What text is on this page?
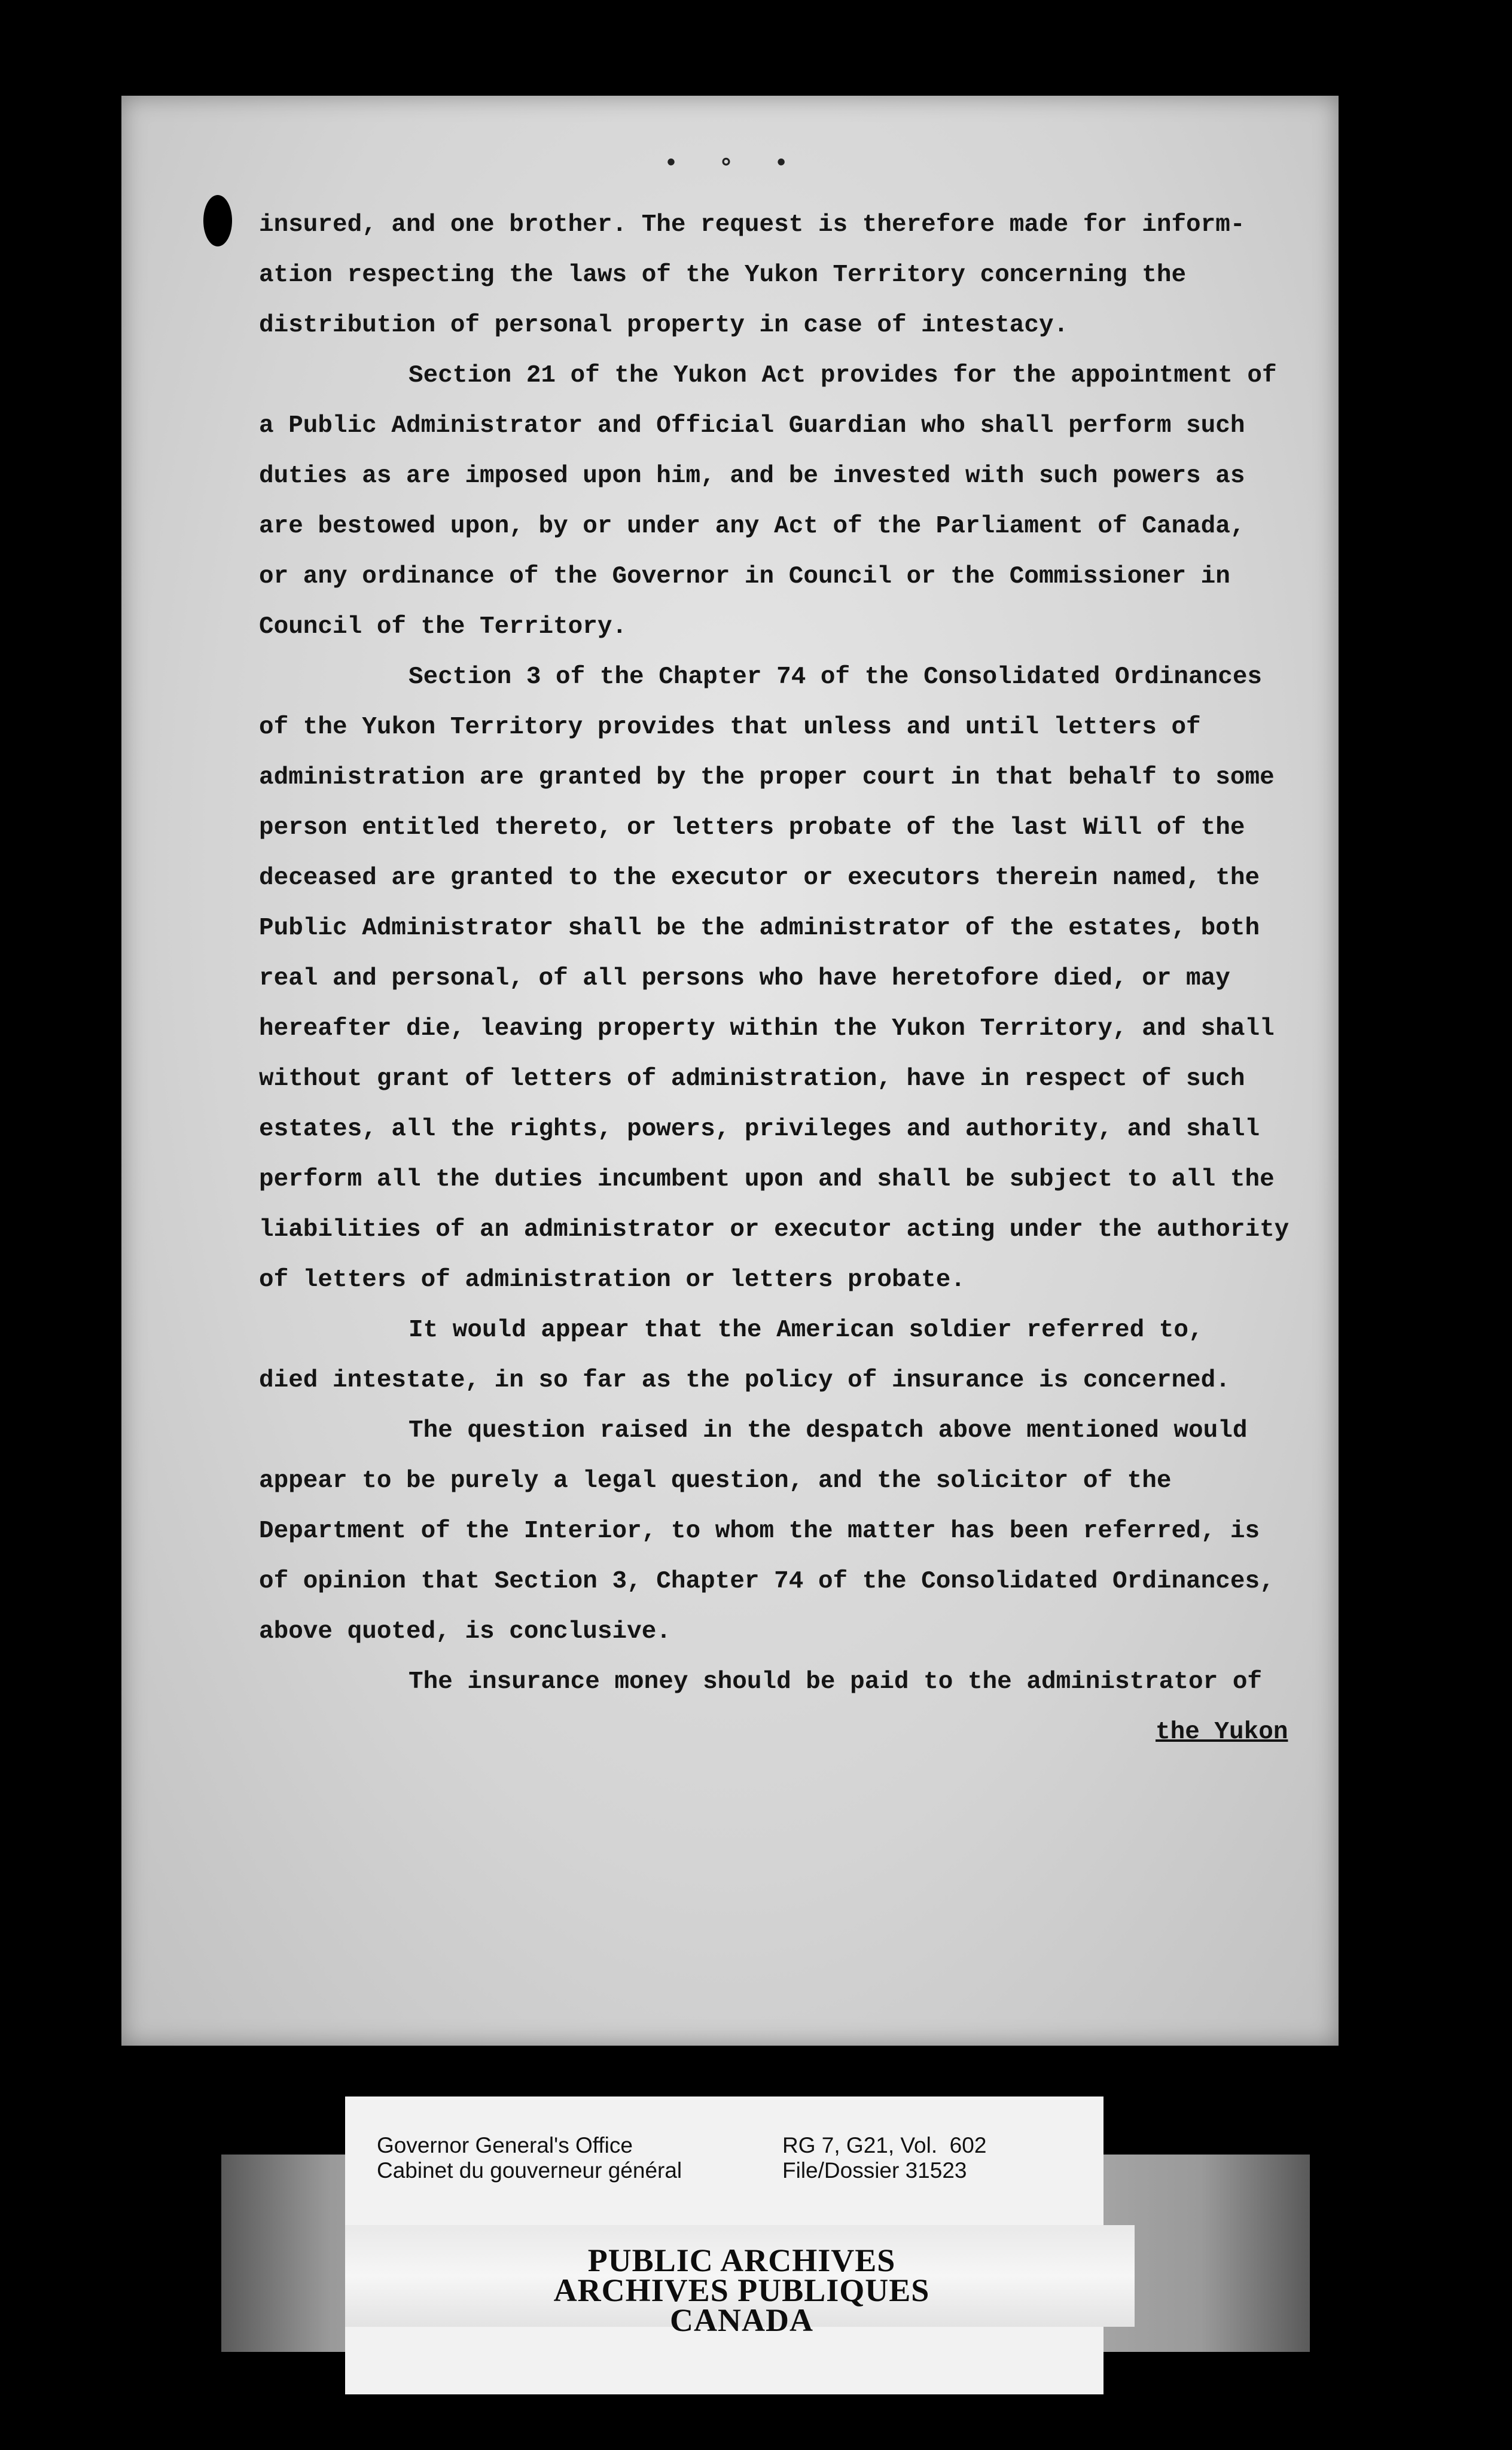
• ∘ •

insured, and one brother. The request is therefore made for inform-

ation respecting the laws of the Yukon Territory concerning the

distribution of personal property in case of intestacy.

Section 21 of the Yukon Act provides for the appointment of

a Public Administrator and Official Guardian who shall perform such

duties as are imposed upon him, and be invested with such powers as

are bestowed upon, by or under any Act of the Parliament of Canada,

or any ordinance of the Governor in Council or the Commissioner in

Council of the Territory.

Section 3 of the Chapter 74 of the Consolidated Ordinances

of the Yukon Territory provides that unless and until letters of

administration are granted by the proper court in that behalf to some

person entitled thereto, or letters probate of the last Will of the

deceased are granted to the executor or executors therein named, the

Public Administrator shall be the administrator of the estates, both

real and personal, of all persons who have heretofore died, or may

hereafter die, leaving property within the Yukon Territory, and shall

without grant of letters of administration, have in respect of such

estates, all the rights, powers, privileges and authority, and shall

perform all the duties incumbent upon and shall be subject to all the

liabilities of an administrator or executor acting under the authority

of letters of administration or letters probate.

It would appear that the American soldier referred to,

died intestate, in so far as the policy of insurance is concerned.

The question raised in the despatch above mentioned would

appear to be purely a legal question, and the solicitor of the

Department of the Interior, to whom the matter has been referred, is

of opinion that Section 3, Chapter 74 of the Consolidated Ordinances,

above quoted, is conclusive.

The insurance money should be paid to the administrator of

the Yukon

Governor General's Office

Cabinet du gouverneur général

RG 7, G21, Vol.  602

File/Dossier 31523

PUBLIC ARCHIVES

ARCHIVES PUBLIQUES

CANADA
